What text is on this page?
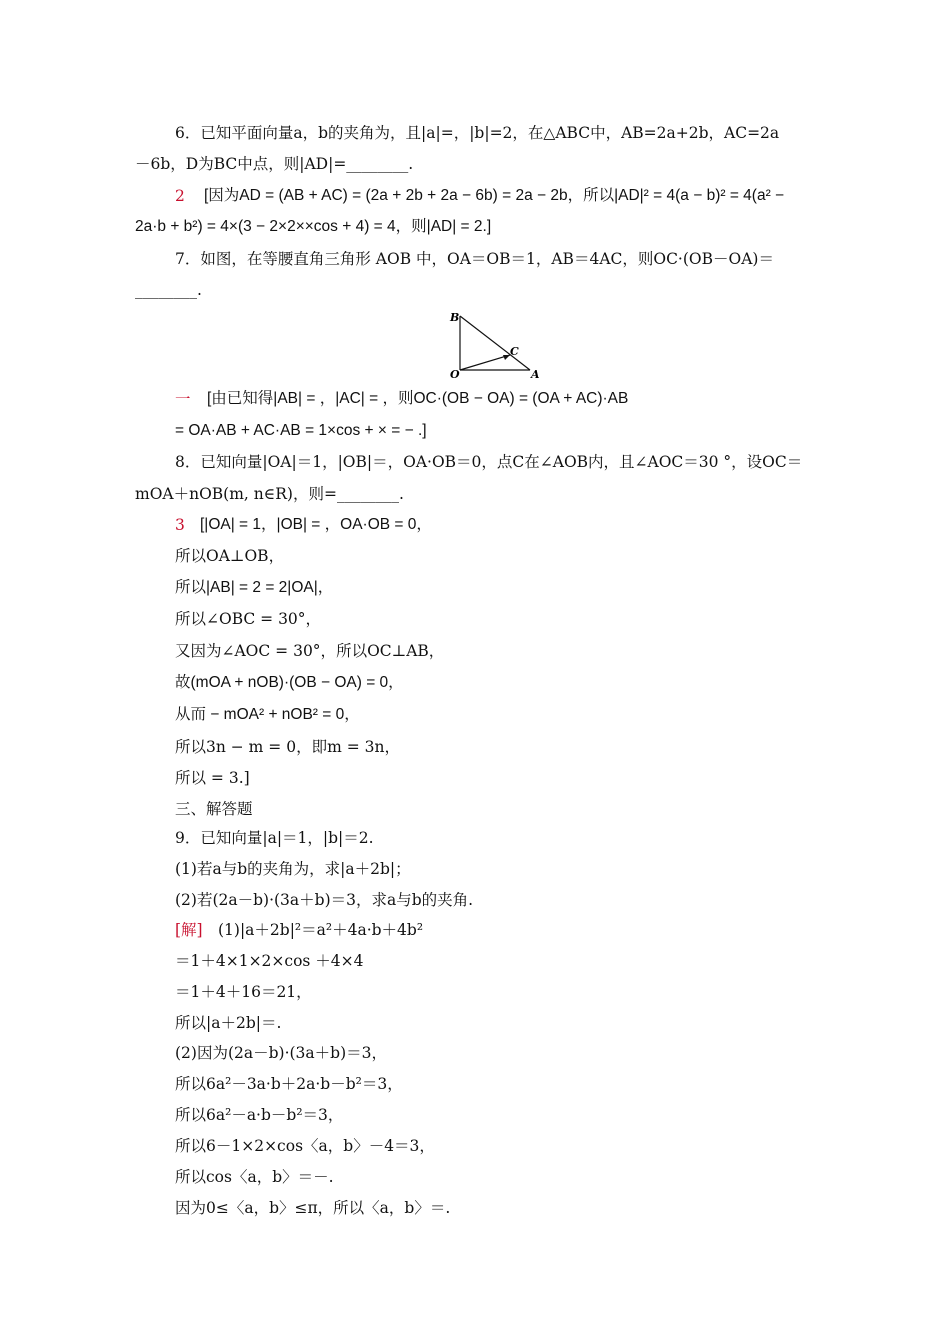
6．已知平面向量a，b的夹角为，且|a|=，|b|=2，在△ABC中，AB=2a+2b，AC=2a
－6b，D为BC中点，则|AD|=________.
2 [因为AD = (AB + AC) = (2a + 2b + 2a − 6b) = 2a − 2b，所以|AD|² = 4(a − b)² = 4(a² −
2a·b + b²) = 4×(3 − 2×2××cos + 4) = 4，则|AD| = 2.]
7．如图，在等腰直角三角形 AOB 中，OA＝OB＝1，AB＝4AC，则OC·(OB－OA)＝
________.
B
O
C
A
一 [由已知得|AB| = ，|AC| = ，则OC·(OB − OA) = (OA + AC)·AB
= OA·AB + AC·AB = 1×cos + × = − .]
8．已知向量|OA|＝1，|OB|＝，OA·OB＝0，点C在∠AOB内，且∠AOC＝30 °，设OC＝
mOA＋nOB(m, n∈R)，则=________.
3 [|OA| = 1，|OB| = ，OA·OB = 0，
所以OA⊥OB，
所以|AB| = 2 = 2|OA|，
所以∠OBC = 30°，
又因为∠AOC = 30°，所以OC⊥AB，
故(mOA + nOB)·(OB − OA) = 0，
从而 − mOA² + nOB² = 0，
所以3n − m = 0，即m = 3n，
所以 = 3.]
三、解答题
9．已知向量|a|＝1，|b|＝2.
(1)若a与b的夹角为，求|a＋2b|；
(2)若(2a－b)·(3a＋b)＝3，求a与b的夹角.
[解] (1)|a＋2b|²＝a²＋4a·b＋4b²
＝1＋4×1×2×cos ＋4×4
＝1＋4＋16＝21，
所以|a＋2b|＝.
(2)因为(2a－b)·(3a＋b)＝3，
所以6a²－3a·b＋2a·b－b²＝3，
所以6a²－a·b－b²＝3，
所以6－1×2×cos〈a，b〉－4＝3，
所以cos〈a，b〉＝－.
因为0≤〈a，b〉≤π，所以〈a，b〉＝.
